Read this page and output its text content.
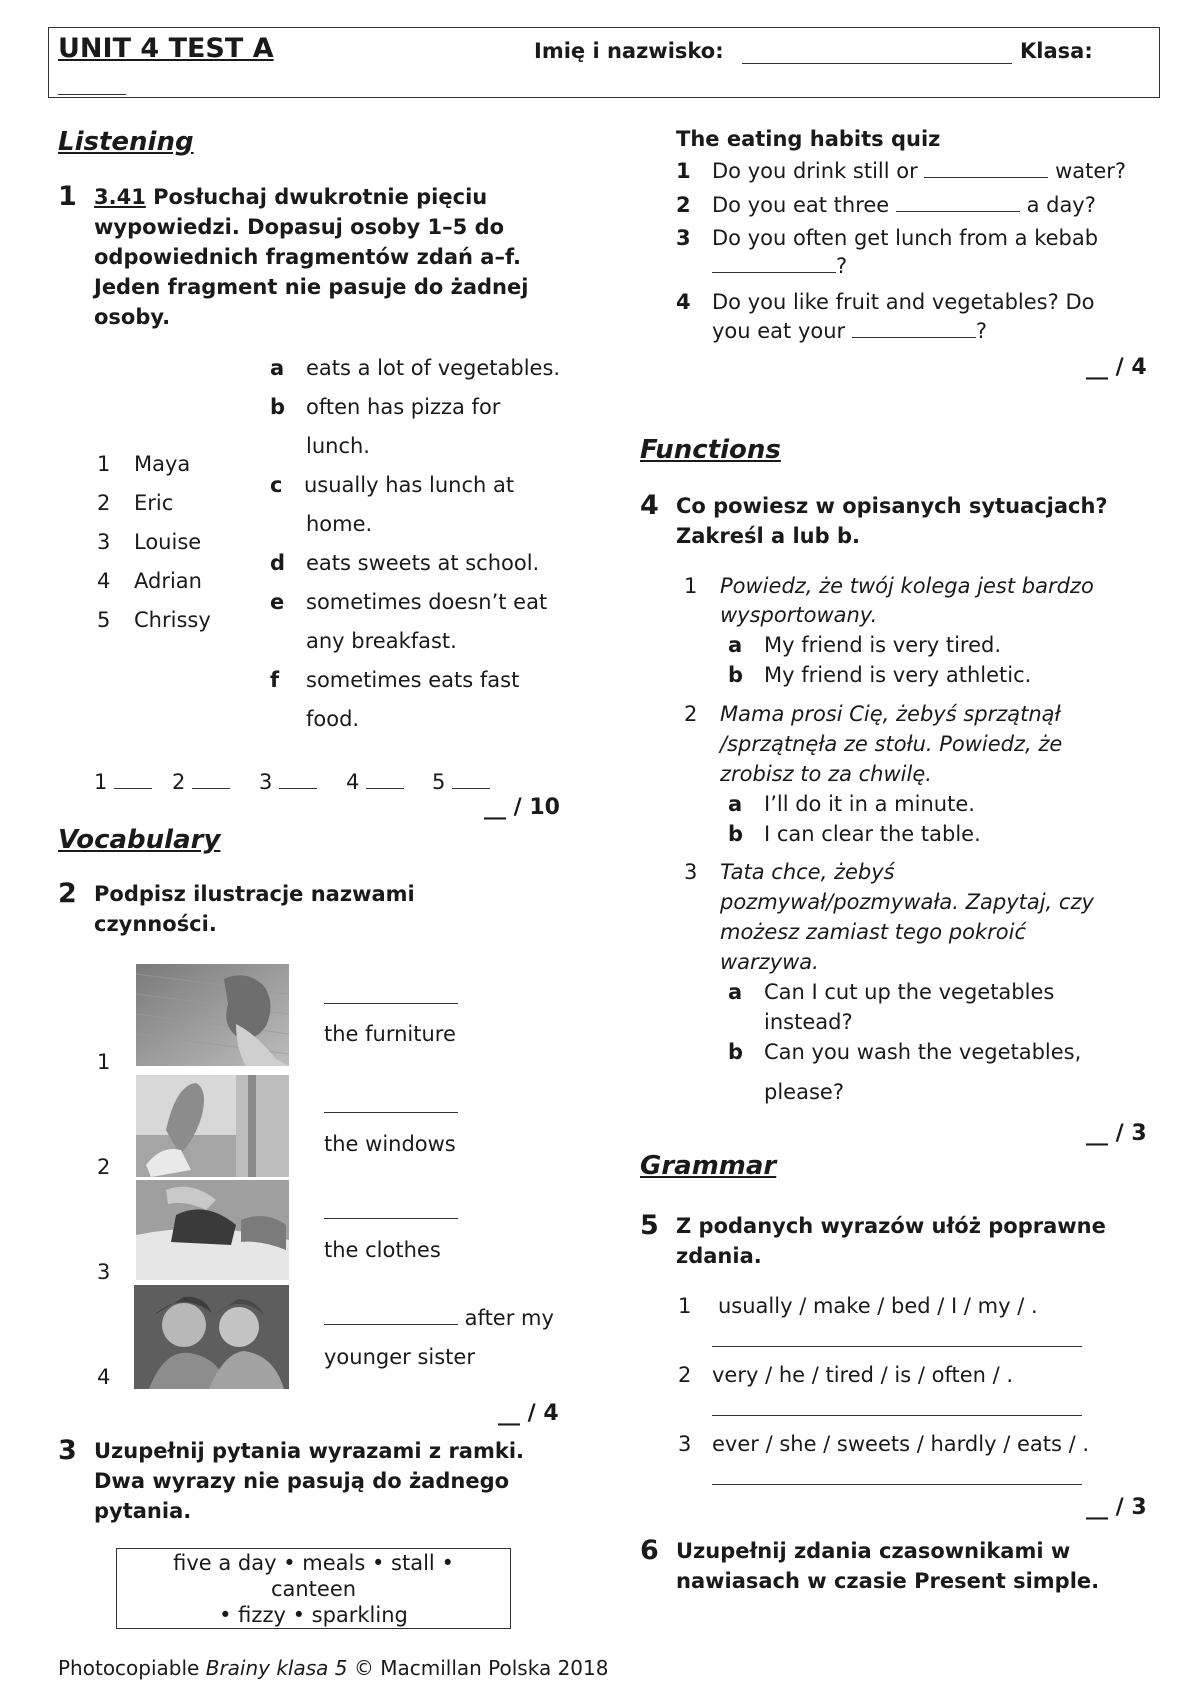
UNIT 4 TEST A	Imię i nazwisko:	Klasa:
Listening
1 3.41 Posłuchaj dwukrotnie pięciu
wypowiedzi. Dopasuj osoby 1–5 do
odpowiednich fragmentów zdań a–f.
Jeden fragment nie pasuje do żadnej
osoby.
1 Maya
2 Eric
3 Louise
4 Adrian
5 Chrissy
a eats a lot of vegetables.
b often has pizza for
lunch.
c usually has lunch at
home.
d eats sweets at school.
e sometimes doesn’t eat
any breakfast.
f sometimes eats fast
food.
1	2	3	4	5
__ / 10
Vocabulary
2 Podpisz ilustracje nazwami
czynności.
1
the furniture
2
the windows
3
the clothes
4
after my
younger sister
__ / 4
3 Uzupełnij pytania wyrazami z ramki.
Dwa wyrazy nie pasują do żadnego
pytania.
five a day • meals • stall •
canteen
• fizzy • sparkling
Photocopiable Brainy klasa 5 © Macmillan Polska 2018
The eating habits quiz
1 Do you drink still or	water?
2 Do you eat three	a day?
3 Do you often get lunch from a kebab
?
4 Do you like fruit and vegetables? Do
you eat your	?
__ / 4
Functions
4 Co powiesz w opisanych sytuacjach?
Zakreśl a lub b.
1 Powiedz, że twój kolega jest bardzo
wysportowany.
a My friend is very tired.
b My friend is very athletic.
2 Mama prosi Cię, żebyś sprzątnął
/sprzątnęła ze stołu. Powiedz, że
zrobisz to za chwilę.
a I’ll do it in a minute.
b I can clear the table.
3 Tata chce, żebyś
pozmywał/pozmywała. Zapytaj, czy
możesz zamiast tego pokroić
warzywa.
a Can I cut up the vegetables
instead?
b Can you wash the vegetables,
please?
__ / 3
Grammar
5 Z podanych wyrazów ułóż poprawne
zdania.
1 usually / make / bed / I / my / .
2 very / he / tired / is / often / .
3 ever / she / sweets / hardly / eats / .
__ / 3
6 Uzupełnij zdania czasownikami w
nawiasach w czasie Present simple.
